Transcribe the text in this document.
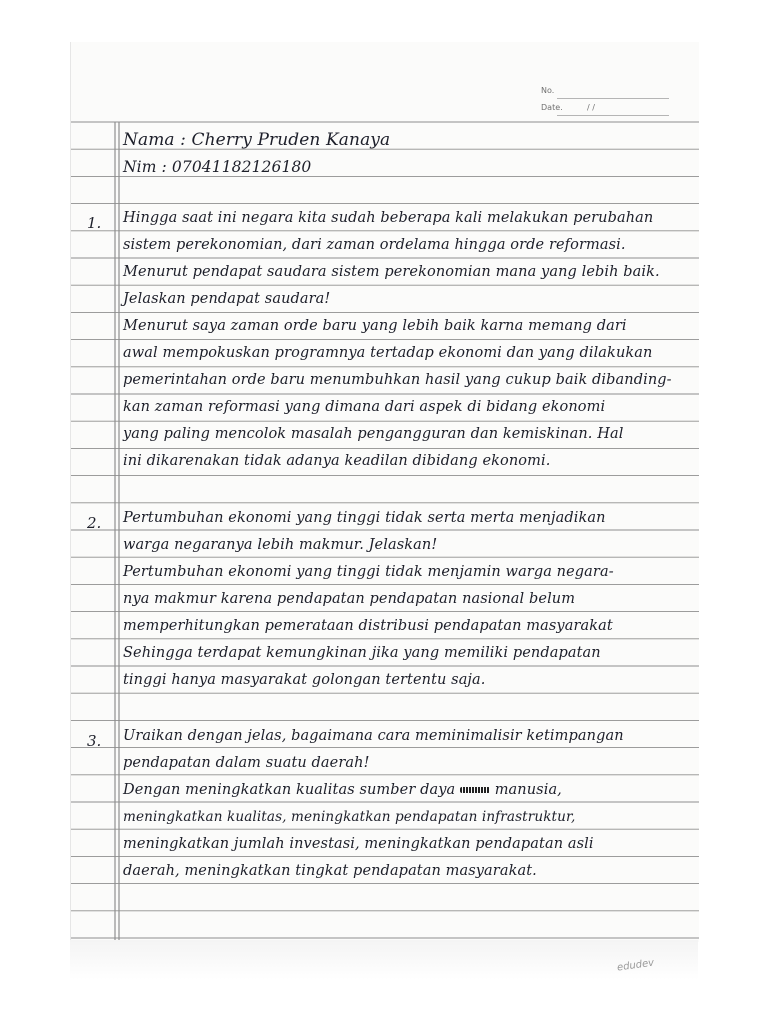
No.
Date.	/ /
Nama : Cherry Pruden Kanaya
Nim : 07041182126180
1. Hingga saat ini negara kita sudah beberapa kali melakukan perubahan
sistem perekonomian, dari zaman ordelama hingga orde reformasi.
Menurut pendapat saudara sistem perekonomian mana yang lebih baik.
Jelaskan pendapat saudara!
Menurut saya zaman orde baru yang lebih baik karna memang dari
awal mempokuskan programnya tertadap ekonomi dan yang dilakukan
pemerintahan orde baru menumbuhkan hasil yang cukup baik dibanding-
kan zaman reformasi yang dimana dari aspek di bidang ekonomi
yang paling mencolok masalah pengangguran dan kemiskinan. Hal
ini dikarenakan tidak adanya keadilan dibidang ekonomi.
2. Pertumbuhan ekonomi yang tinggi tidak serta merta menjadikan
warga negaranya lebih makmur. Jelaskan!
Pertumbuhan ekonomi yang tinggi tidak menjamin warga negara-
nya makmur karena pendapatan pendapatan nasional belum
memperhitungkan pemerataan distribusi pendapatan masyarakat
Sehingga terdapat kemungkinan jika yang memiliki pendapatan
tinggi hanya masyarakat golongan tertentu saja.
3. Uraikan dengan jelas, bagaimana cara meminimalisir ketimpangan
pendapatan dalam suatu daerah!
Dengan meningkatkan kualitas sumber daya	manusia,
meningkatkan kualitas, meningkatkan pendapatan infrastruktur,
meningkatkan jumlah investasi, meningkatkan pendapatan asli
daerah, meningkatkan tingkat pendapatan masyarakat.
edudev
